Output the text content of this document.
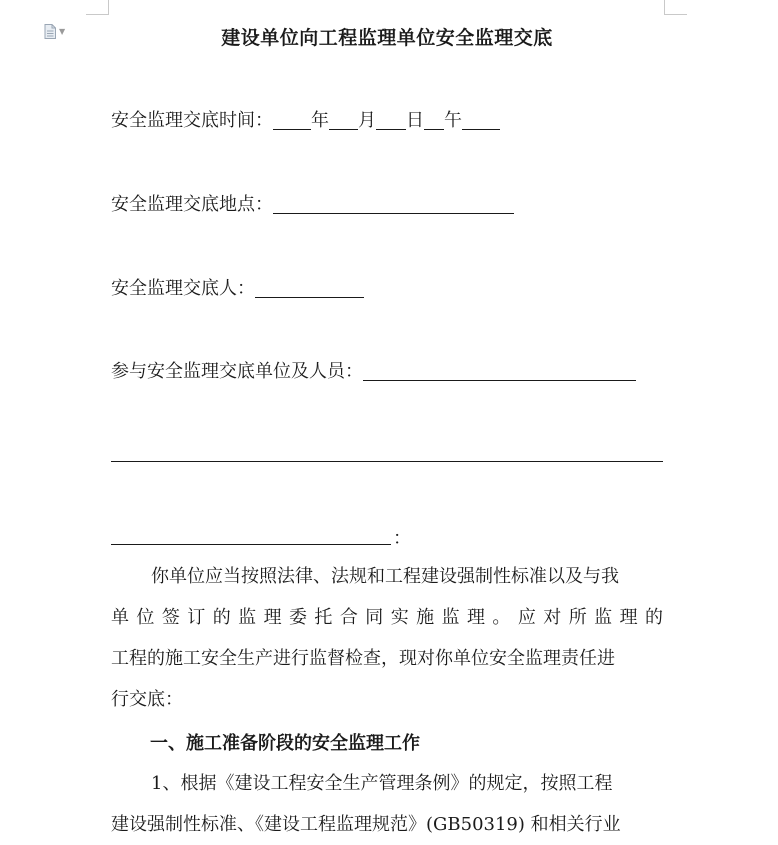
▼	建设单位向工程监理单位安全监理交底
安全监理交底时间： 年 月 日 午
安全监理交底地点：
安全监理交底人：
参与安全监理交底单位及人员：
：
你单位应当按照法律、法规和工程建设强制性标准以及与我
单位签订的监理委托合同实施监理。应对所监理的
工程的施工安全生产进行监督检查，现对你单位安全监理责任进
行交底：
一、施工准备阶段的安全监理工作
1、根据《建设工程安全生产管理条例》的规定，按照工程
建设强制性标准、《建设工程监理规范》(GB50319) 和相关行业
